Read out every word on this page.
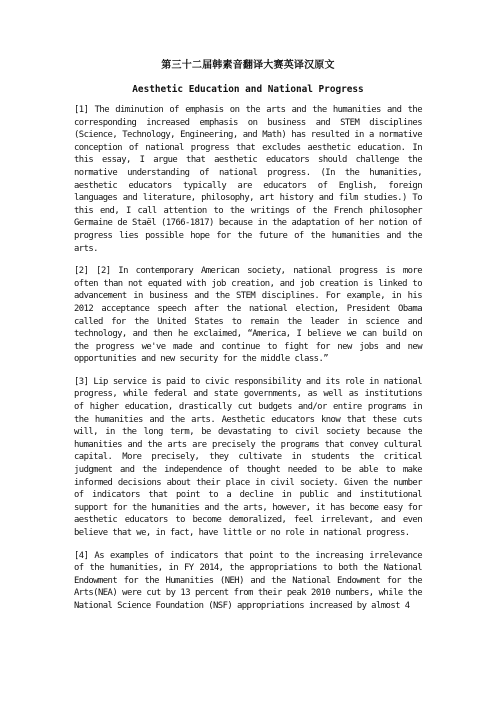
第三十二届韩素音翻译大赛英译汉原文
Aesthetic Education and National Progress

[1] The diminution of emphasis on the arts and the humanities and the corresponding increased emphasis on business and STEM disciplines (Science, Technology, Engineering, and Math) has resulted in a normative conception of national progress that excludes aesthetic education. In this essay, I argue that aesthetic educators should challenge the normative understanding of national progress. (In the humanities, aesthetic educators typically are educators of English, foreign languages and literature, philosophy, art history and film studies.) To this end, I call attention to the writings of the French philosopher Germaine de Staël (1766-1817) because in the adaptation of her notion of progress lies possible hope for the future of the humanities and the arts.

[2] [2] In contemporary American society, national progress is more often than not equated with job creation, and job creation is linked to advancement in business and the STEM disciplines. For example, in his 2012 acceptance speech after the national election, President Obama called for the United States to remain the leader in science and technology, and then he exclaimed, “America, I believe we can build on the progress we've made and continue to fight for new jobs and new opportunities and new security for the middle class.”

[3] Lip service is paid to civic responsibility and its role in national progress, while federal and state governments, as well as institutions of higher education, drastically cut budgets and/or entire programs in the humanities and the arts. Aesthetic educators know that these cuts will, in the long term, be devastating to civil society because the humanities and the arts are precisely the programs that convey cultural capital. More precisely, they cultivate in students the critical judgment and the independence of thought needed to be able to make informed decisions about their place in civil society. Given the number of indicators that point to a decline in public and institutional support for the humanities and the arts, however, it has become easy for aesthetic educators to become demoralized, feel irrelevant, and even believe that we, in fact, have little or no role in national progress.

[4] As examples of indicators that point to the increasing irrelevance of the humanities, in FY 2014, the appropriations to both the National Endowment for the Humanities (NEH) and the National Endowment for the Arts(NEA) were cut by 13 percent from their peak 2010 numbers, while the National Science Foundation (NSF) appropriations increased by almost 4
